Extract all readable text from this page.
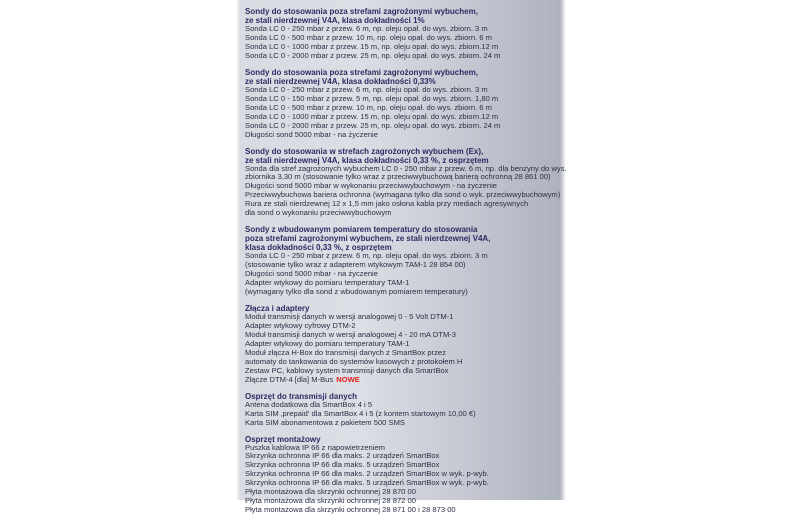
Sondy do stosowania poza strefami zagrożonymi wybuchem,
ze stali nierdzewnej V4A, klasa dokładności 1%
Sonda LC 0 - 250 mbar z przew. 6 m, np. oleju opał. do wys. zbiorn. 3 m
Sonda LC 0 - 500 mbar z przew. 10 m, np. oleju opał. do wys. zbiorn. 6 m
Sonda LC 0 - 1000 mbar z przew. 15 m, np. oleju opał. do wys. zbiorn.12 m
Sonda LC 0 - 2000 mbar z przew. 25 m, np. oleju opał. do wys. zbiorn. 24 m
Sondy do stosowania poza strefami zagrożonymi wybuchem,
ze stali nierdzewnej V4A, klasa dokładności 0,33%
Sonda LC 0 - 250 mbar z przew. 6 m, np. oleju opał. do wys. zbiorn. 3 m
Sonda LC 0 - 150 mbar z przew. 5 m, np. oleju opał. do wys. zbiorn. 1,80 m
Sonda LC 0 - 500 mbar z przew. 10 m, np. oleju opał. do wys. zbiorn. 6 m
Sonda LC 0 - 1000 mbar z przew. 15 m, np. oleju opał. do wys. zbiorn.12 m
Sonda LC 0 - 2000 mbar z przew. 25 m, np. oleju opał. do wys. zbiorn. 24 m
Długości sond 5000 mbar - na życzenie
Sondy do stosowania w strefach zagrożonych wybuchem (Ex),
ze stali nierdzewnej V4A, klasa dokładności 0,33 %, z osprzętem
Sonda dla stref zagrożonych wybuchem LC 0 - 250 mbar z przew. 6 m, np. dla benzyny do wys.
zbiornika 3,30 m (stosowanie tylko wraz z przeciwwybuchową barierą ochronną 28 861 00)
Długości sond 5000 mbar w wykonaniu przeciwwybuchowym - na życzenie
Przeciwwybuchowa bariera ochronna (wymagana tylko dla sond o wyk. przeciwwybuchowym)
Rura ze stali nierdzewnej 12 x 1,5 mm jako osłona kabla przy mediach agresywnych
dla sond o wykonaniu przeciwwybuchowym
Sondy z wbudowanym pomiarem temperatury do stosowania
poza strefami zagrożonymi wybuchem, ze stali nierdzewnej V4A,
klasa dokładności 0,33 %, z osprzętem
Sonda LC 0 - 250 mbar z przew. 6 m, np. oleju opał. do wys. zbiorn. 3 m
(stosowanie tylko wraz z adapterem wtykowym TAM-1 28 854 00)
Długości sond 5000 mbar - na życzenie
Adapter wtykowy do pomiaru temperatury TAM-1
(wymagany tylko dla sond z wbudowanym pomiarem temperatury)
Złącza i adaptery
Moduł transmisji danych w wersji analogowej 0 - 5 Volt DTM-1
Adapter wtykowy cyfrowy DTM-2
Moduł transmisji danych w wersji analogowej 4 - 20 mA DTM-3
Adapter wtykowy do pomiaru temperatury TAM-1
Moduł złącza H-Box do transmisji danych z SmartBox przez
automaty do tankowania do systemów kasowych z protokołem H
Zestaw PC, kablowy system transmisji danych dla SmartBox
Złącze DTM-4 [dla] M-Bus NOWE
Osprzęt do transmisji danych
Antena dodatkowa dla SmartBox 4 i 5
Karta SIM ‚prepaid' dla SmartBox 4 i 5 (z kontem startowym 10,00 €)
Karta SIM abonamentowa z pakietem 500 SMS
Osprzęt montażowy
Puszka kablowa IP 66 z napowietrzeniem
Skrzynka ochronna IP 66 dla maks. 2 urządzeń SmartBox
Skrzynka ochronna IP 66 dla maks. 5 urządzeń SmartBox
Skrzynka ochronna IP 66 dla maks. 2 urządzeń SmartBox w wyk. p-wyb.
Skrzynka ochronna IP 66 dla maks. 5 urządzeń SmartBox w wyk. p-wyb.
Płyta montażowa dla skrzynki ochronnej 28 870 00
Płyta montażowa dla skrzynki ochronnej 28 872 00
Płyta montażowa dla skrzynki ochronnej 28 871 00 i 28 873 00
